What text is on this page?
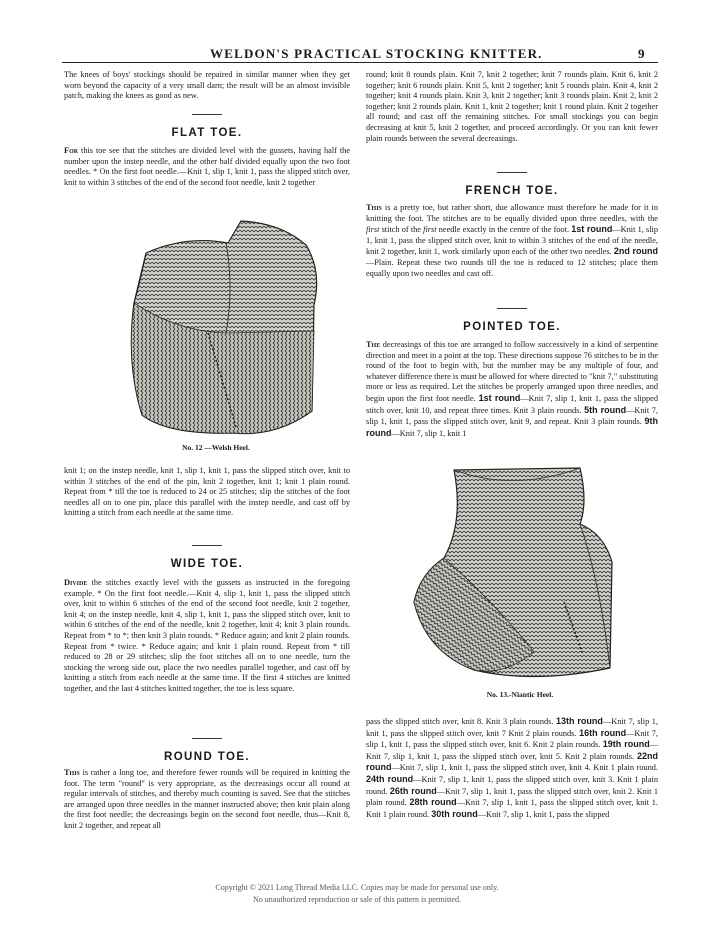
WELDON'S PRACTICAL STOCKING KNITTER.	9

The knees of boys' stockings should be repaired in similar manner when they get worn beyond the capacity of a very small darn; the result will be an almost invisible patch, making the knees as good as new.

FLAT TOE.

For this toe see that the stitches are divided level with the gussets, having half the number upon the instep needle, and the other half divided equally upon the two foot needles. * On the first foot needle.—Knit 1, slip 1, knit 1, pass the slipped stitch over, knit to within 3 stitches of the end of the second foot needle, knit 2 together

No. 12 —Welsh Heel.

knit 1; on the instep needle, knit 1, slip 1, knit 1, pass the slipped stitch over, knit to within 3 stitches of the end of the pin, knit 2 together, knit 1; knit 1 plain round. Repeat from * till the toe is reduced to 24 or 25 stitches; slip the stitches of the foot needles all on to one pin, place this parallel with the instep needle, and cast off by knitting a stitch from each needle at the same time.

WIDE TOE.

Divide the stitches exactly level with the gussets as instructed in the foregoing example. * On the first foot needle.—Knit 4, slip 1, knit 1, pass the slipped stitch over, knit to within 6 stitches of the end of the second foot needle, knit 2 together, knit 4; on the instep needle, knit 4, slip 1, knit 1, pass the slipped stitch over, knit to within 6 stitches of the end of the needle, knit 2 together, knit 4; knit 3 plain rounds. Repeat from * to *; then knit 3 plain rounds. * Reduce again; and knit 2 plain rounds. Repeat from * twice. * Reduce again; and knit 1 plain round. Repeat from * till reduced to 28 or 29 stitches; slip the foot stitches all on to one needle, turn the stocking the wrong side out, place the two needles parallel together, and cast off by knitting a stitch from each needle at the same time. If the first 4 stitches are knitted together, and the last 4 stitches knitted together, the toe is less square.

ROUND TOE.

This is rather a long toe, and therefore fewer rounds will be required in knitting the foot. The term "round" is very appropriate, as the decreasings occur all round at regular intervals of stitches, and thereby much counting is saved. See that the stitches are arranged upon three needles in the manner instructed above; then knit plain along the first foot needle; the decreasings begin on the second foot needle, thus—Knit 8, knit 2 together, and repeat all

round; knit 8 rounds plain. Knit 7, knit 2 together; knit 7 rounds plain. Knit 6, knit 2 together; knit 6 rounds plain. Knit 5, knit 2 together; knit 5 rounds plain. Knit 4, knit 2 together; knit 4 rounds plain. Knit 3, knit 2 together; knit 3 rounds plain. Knit 2, knit 2 together; knit 2 rounds plain. Knit 1, knit 2 together; knit 1 round plain. Knit 2 together all round; and cast off the remaining stitches. For small stockings you can begin decreasing at knit 5, knit 2 together, and proceed accordingly. Or you can knit fewer plain rounds between the several decreasings.

FRENCH TOE.

This is a pretty toe, but rather short, due allowance must therefore be made for it in knitting the foot. The stitches are to be equally divided upon three needles, with the first stitch of the first needle exactly in the centre of the foot. 1st round—Knit 1, slip 1, knit 1, pass the slipped stitch over, knit to within 3 stitches of the end of the needle, knit 2 together, knit 1, work similarly upon each of the other two needles. 2nd round—Plain. Repeat these two rounds till the toe is reduced to 12 stitches; place them equally upon two needles and cast off.

POINTED TOE.

The decreasings of this toe are arranged to follow successively in a kind of serpentine direction and meet in a point at the top. These directions suppose 76 stitches to be in the round of the foot to begin with, but the number may be any multiple of four, and whatever difference there is must be allowed for where directed to "knit 7," substituting more or less as required. Let the stitches be properly arranged upon three needles, and begin upon the first foot needle. 1st round—Knit 7, slip 1, knit 1, pass the slipped stitch over, knit 10, and repeat three times. Knit 3 plain rounds. 5th round—Knit 7, slip 1, knit 1, pass the slipped stitch over, knit 9, and repeat. Knit 3 plain rounds. 9th round—Knit 7, slip 1, knit 1

No. 13.-Niantic Heel.

pass the slipped stitch over, knit 8. Knit 3 plain rounds. 13th round—Knit 7, slip 1, knit 1, pass the slipped stitch over, knit 7 Knit 2 plain rounds. 16th round—Knit 7, slip 1, knit 1, pass the slipped stitch over, knit 6. Knit 2 plain rounds. 19th round—Knit 7, slip 1, knit 1, pass the slipped stitch over, knit 5. Knit 2 plain rounds. 22nd round—Knit 7, slip 1, knit 1, pass the slipped stitch over, knit 4. Knit 1 plain round. 24th round—Knit 7, slip 1, knit 1, pass the slipped stitch over, knit 3. Knit 1 plain round. 26th round—Knit 7, slip 1, knit 1, pass the slipped stitch over, knit 2. Knit 1 plain round. 28th round—Knit 7, slip 1, knit 1, pass the slipped stitch over, knit 1. Knit 1 plain round. 30th round—Knit 7, slip 1, knit 1, pass the slipped

Copyright © 2021 Long Thread Media LLC. Copies may be made for personal use only.
No unauthorized reproduction or sale of this pattern is permitted.
